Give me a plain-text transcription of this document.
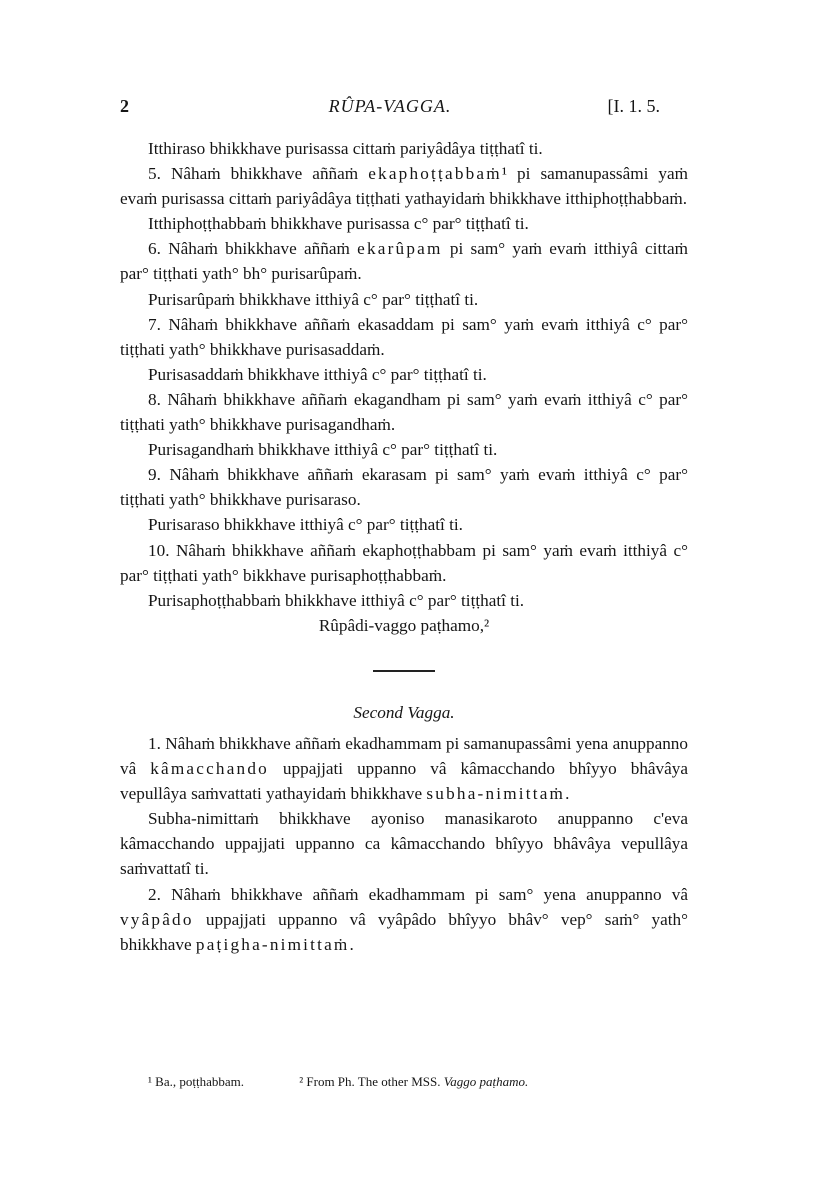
RÛPA-VAGGA.
2	[I. 1. 5.

Itthiraso bhikkhave purisassa cittaṁ pariyâdâya tiṭṭhatî ti.

5. Nâhaṁ bhikkhave aññaṁ ekaphoṭṭabbaṁ¹ pi samanupassâmi yaṁ evaṁ purisassa cittaṁ pariyâdâya tiṭṭhati yathayidaṁ bhikkhave itthiphoṭṭhabbaṁ.

Itthiphoṭṭhabbaṁ bhikkhave purisassa c° par° tiṭṭhatî ti.

6. Nâhaṁ bhikkhave aññaṁ ekarûpam pi sam° yaṁ evaṁ itthiyâ cittaṁ par° tiṭṭhati yath° bh° purisarûpaṁ.

Purisarûpaṁ bhikkhave itthiyâ c° par° tiṭṭhatî ti.

7. Nâhaṁ bhikkhave aññaṁ ekasaddam pi sam° yaṁ evaṁ itthiyâ c° par° tiṭṭhati yath° bhikkhave purisasaddaṁ.

Purisasaddaṁ bhikkhave itthiyâ c° par° tiṭṭhatî ti.

8. Nâhaṁ bhikkhave aññaṁ ekagandham pi sam° yaṁ evaṁ itthiyâ c° par° tiṭṭhati yath° bhikkhave purisagandhaṁ.

Purisagandhaṁ bhikkhave itthiyâ c° par° tiṭṭhatî ti.

9. Nâhaṁ bhikkhave aññaṁ ekarasam pi sam° yaṁ evaṁ itthiyâ c° par° tiṭṭhati yath° bhikkhave purisaraso.

Purisaraso bhikkhave itthiyâ c° par° tiṭṭhatî ti.

10. Nâhaṁ bhikkhave aññaṁ ekaphoṭṭhabbam pi sam° yaṁ evaṁ itthiyâ c° par° tiṭṭhati yath° bikkhave purisaphoṭṭhabbaṁ.

Purisaphoṭṭhabbaṁ bhikkhave itthiyâ c° par° tiṭṭhatî ti.

Rûpâdi-vaggo paṭhamo,²

Second Vagga.

1. Nâhaṁ bhikkhave aññaṁ ekadhammam pi samanupassâmi yena anuppanno vâ kâmacchando uppajjati uppanno vâ kâmacchando bhîyyo bhâvâya vepullâya saṁvattati yathayidaṁ bhikkhave subha-nimittaṁ.

Subha-nimittaṁ bhikkhave ayoniso manasikaroto anuppanno c'eva kâmacchando uppajjati uppanno ca kâmacchando bhîyyo bhâvâya vepullâya saṁvattatî ti.

2. Nâhaṁ bhikkhave aññaṁ ekadhammam pi sam° yena anuppanno vâ vyâpâdo uppajjati uppanno vâ vyâpâdo bhîyyo bhâv° vep° saṁ° yath° bhikkhave paṭigha-nimittaṁ.

¹ Ba., poṭṭhabbam.	² From Ph. The other MSS. Vaggo paṭhamo.
